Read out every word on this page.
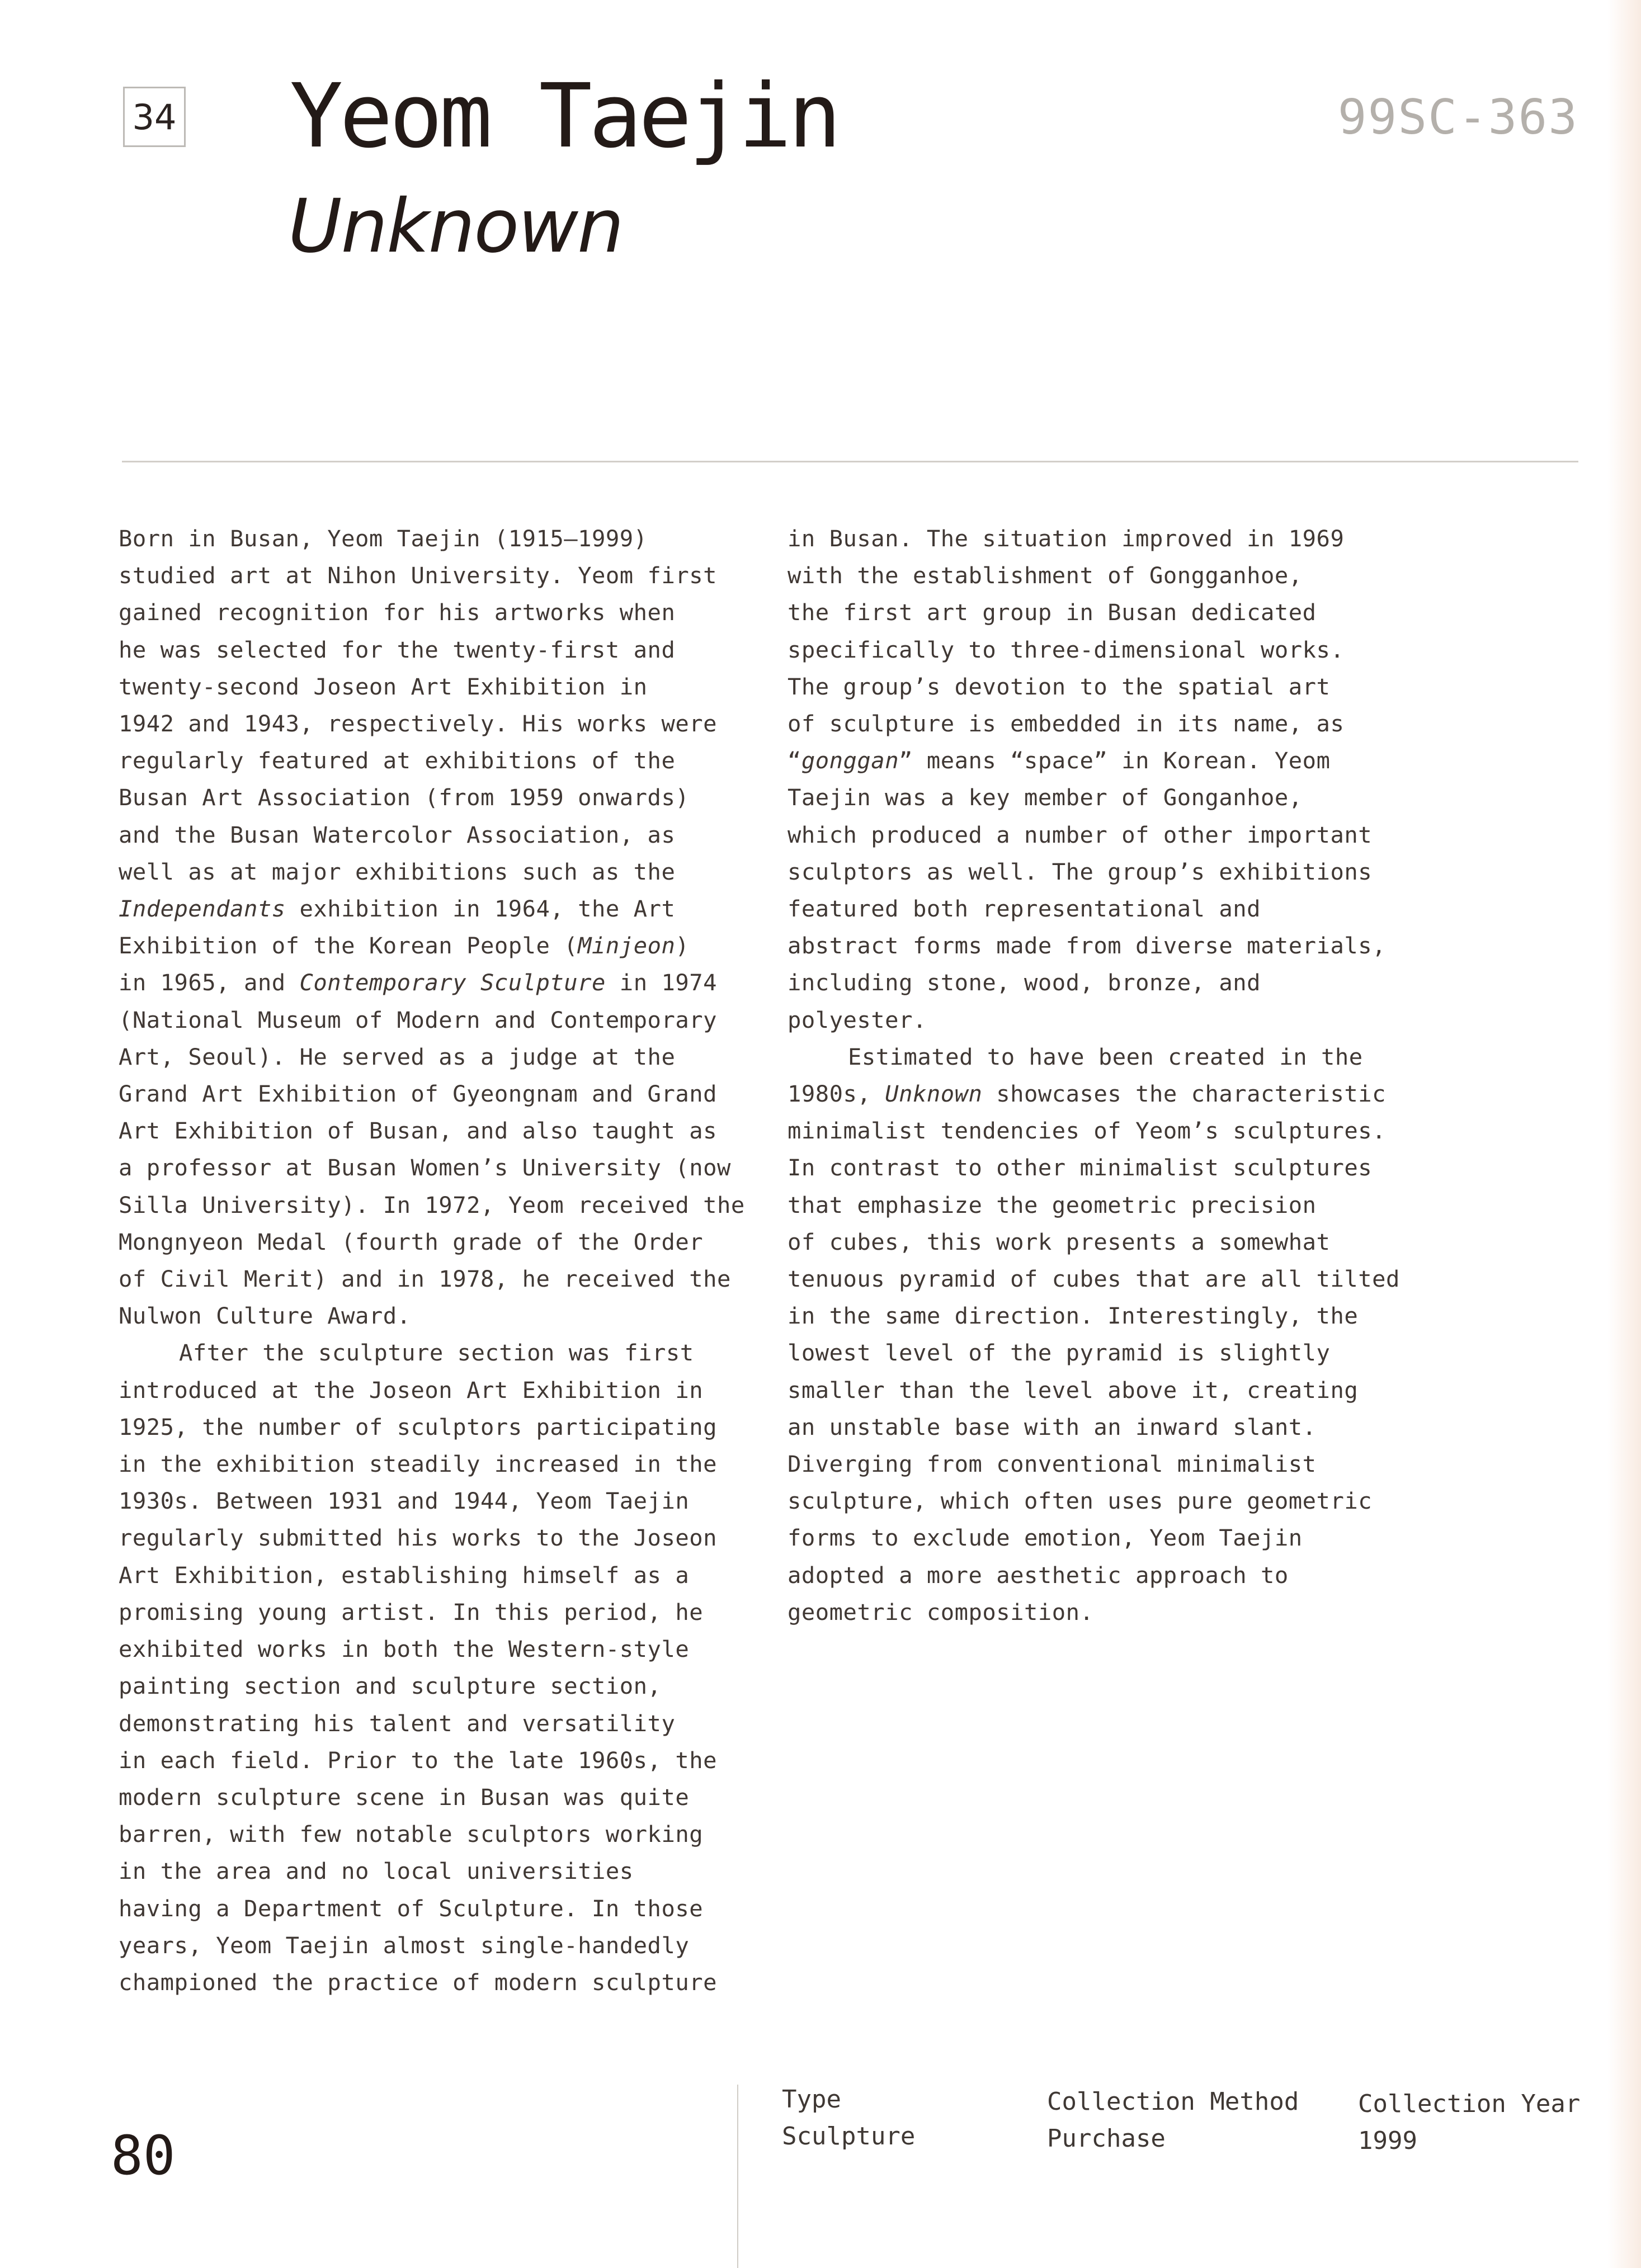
34 Yeom Taejin
Unknown
99SC-363

Born in Busan, Yeom Taejin (1915–1999)
studied art at Nihon University. Yeom first
gained recognition for his artworks when
he was selected for the twenty-first and
twenty-second Joseon Art Exhibition in
1942 and 1943, respectively. His works were
regularly featured at exhibitions of the
Busan Art Association (from 1959 onwards)
and the Busan Watercolor Association, as
well as at major exhibitions such as the
Independants exhibition in 1964, the Art
Exhibition of the Korean People (Minjeon)
in 1965, and Contemporary Sculpture in 1974
(National Museum of Modern and Contemporary
Art, Seoul). He served as a judge at the
Grand Art Exhibition of Gyeongnam and Grand
Art Exhibition of Busan, and also taught as
a professor at Busan Women’s University (now
Silla University). In 1972, Yeom received the
Mongnyeon Medal (fourth grade of the Order
of Civil Merit) and in 1978, he received the
Nulwon Culture Award.

After the sculpture section was first

introduced at the Joseon Art Exhibition in
1925, the number of sculptors participating
in the exhibition steadily increased in the
1930s. Between 1931 and 1944, Yeom Taejin
regularly submitted his works to the Joseon
Art Exhibition, establishing himself as a
promising young artist. In this period, he
exhibited works in both the Western-style
painting section and sculpture section,
demonstrating his talent and versatility
in each field. Prior to the late 1960s, the
modern sculpture scene in Busan was quite
barren, with few notable sculptors working
in the area and no local universities
having a Department of Sculpture. In those
years, Yeom Taejin almost single-handedly
championed the practice of modern sculpture

in Busan. The situation improved in 1969
with the establishment of Gongganhoe,
the first art group in Busan dedicated
specifically to three-dimensional works.
The group’s devotion to the spatial art
of sculpture is embedded in its name, as
“gonggan” means “space” in Korean. Yeom
Taejin was a key member of Gonganhoe,
which produced a number of other important
sculptors as well. The group’s exhibitions
featured both representational and
abstract forms made from diverse materials,
including stone, wood, bronze, and
polyester.

Estimated to have been created in the

1980s, Unknown showcases the characteristic
minimalist tendencies of Yeom’s sculptures.
In contrast to other minimalist sculptures
that emphasize the geometric precision
of cubes, this work presents a somewhat
tenuous pyramid of cubes that are all tilted
in the same direction. Interestingly, the
lowest level of the pyramid is slightly
smaller than the level above it, creating
an unstable base with an inward slant.
Diverging from conventional minimalist
sculpture, which often uses pure geometric
forms to exclude emotion, Yeom Taejin
adopted a more aesthetic approach to
geometric composition.

80
Type
Sculpture
Collection Method
Purchase
Collection Year
1999
